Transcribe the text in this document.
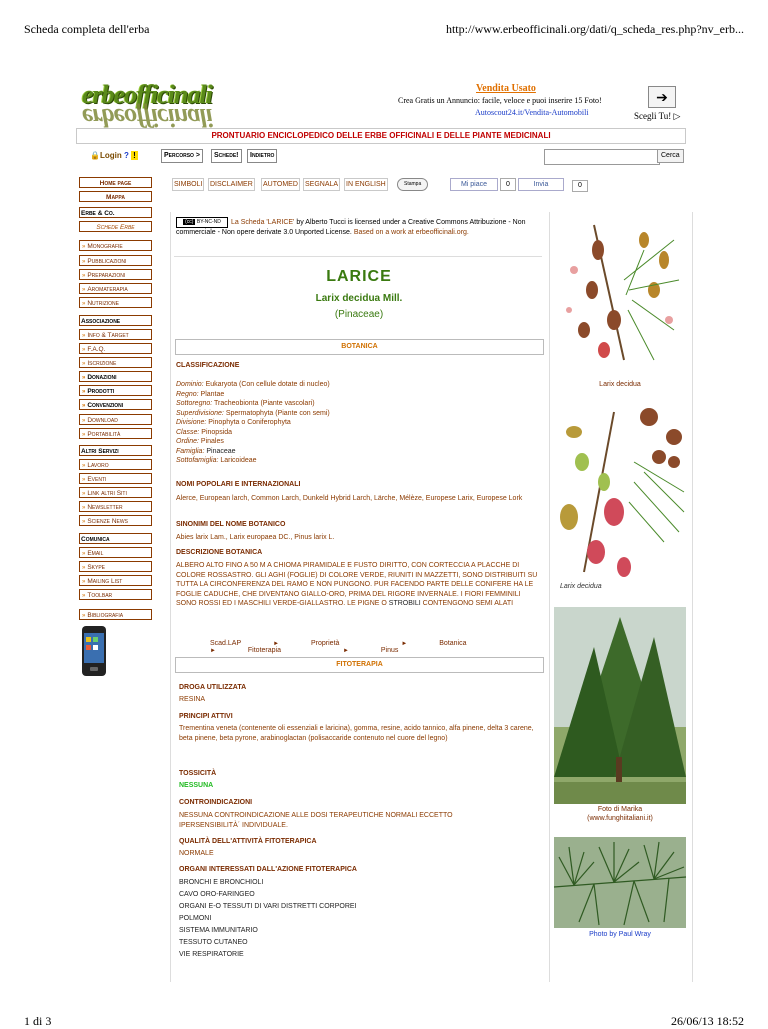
Scheda completa dell'erba	http://www.erbeofficinali.org/dati/q_scheda_res.php?nv_erb...
erbeofficinali
erbeofficinali
Vendita Usato
Crea Gratis un Annuncio: facile, veloce e puoi inserire 15 Foto!
Autoscout24.it/Vendita-Automobili
➔
Scegli Tu! ▷
PRONTUARIO ENCICLOPEDICO DELLE ERBE OFFICINALI E DELLE PIANTE MEDICINALI
🔒Login ? !	Percorso >	Schede!	Indietro	Cerca
Home page
Mappa
Erbe & Co.
Schede Erbe
» Monografie
» Pubblicazioni
» Preparazioni
» Aromaterapia
» Nutrizione
Associazione
» Info & Target
» F.A.Q.
» Iscrizione
» Donazioni
» Prodotti
» Convenzioni
» Download
» Portabilità
Altri Servizi
» Lavoro
» Eventi
» Link altri Siti
» Newsletter
» Scienze News
Comunica
» Email
» Skype
» Mailing List
» Toolbar
» Bibliografia
SIMBOLI DISCLAIMER AUTOMED SEGNALA IN ENGLISH	Stampa	Mi piace	0	Invia	0
(cc) BY-NC-ND	La Scheda 'LARICE' by Alberto Tucci is licensed under a Creative Commons Attribuzione - Non commerciale - Non opere derivate 3.0 Unported License. Based on a work at erbeofficinali.org.
LARICE
Larix decidua Mill.
(Pinaceae)
BOTANICA
CLASSIFICAZIONE
Dominio: Eukaryota (Con cellule dotate di nucleo)
Regno: Plantae
Sottoregno: Tracheobionta (Piante vascolari)
Superdivisione: Spermatophyta (Piante con semi)
Divisione: Pinophyta o Coniferophyta
Classe: Pinopsida
Ordine: Pinales
Famiglia: Pinaceae
Sottofamiglia: Laricoideae
NOMI POPOLARI E INTERNAZIONALI
Alerce, European larch, Common Larch, Dunkeld Hybrid Larch, Lärche, Mélèze, Europese Larix, Europese Lork
SINONIMI DEL NOME BOTANICO
Abies larix Lam., Larix europaea DC., Pinus larix L.
DESCRIZIONE BOTANICA
ALBERO ALTO FINO A 50 M A CHIOMA PIRAMIDALE E FUSTO DIRITTO, CON CORTECCIA A PLACCHE DI COLORE ROSSASTRO. GLI AGHI (FOGLIE) DI COLORE VERDE, RIUNITI IN MAZZETTI, SONO DISTRIBUITI SU TUTTA LA CIRCONFERENZA DEL RAMO E NON PUNGONO. PUR FACENDO PARTE DELLE CONIFERE HA LE FOGLIE CADUCHE, CHE DIVENTANO GIALLO-ORO, PRIMA DEL RIGORE INVERNALE. I FIORI FEMMINILI SONO ROSSI ED I MASCHILI VERDE-GIALLASTRO. LE PIGNE O STROBILI CONTENGONO SEMI ALATI
Scad.LAP	►	Proprietà	►	Botanica ►	Fitoterapia	►	Pinus
FITOTERAPIA
DROGA UTILIZZATA
RESINA
PRINCIPI ATTIVI
Trementina veneta (contenente oli essenziali e laricina), gomma, resine, acido tannico, alfa pinene, delta 3 carene, beta pinene, beta pyrone, arabinoglactan (polisaccaride contenuto nel cuore del legno)
TOSSICITÀ
NESSUNA
CONTROINDICAZIONI
NESSUNA CONTROINDICAZIONE ALLE DOSI TERAPEUTICHE NORMALI ECCETTO IPERSENSIBILITÀ´ INDIVIDUALE.
QUALITÀ DELL'ATTIVITÀ FITOTERAPICA
NORMALE
ORGANI INTERESSATI DALL'AZIONE FITOTERAPICA
BRONCHI E BRONCHIOLI
CAVO ORO-FARINGEO
ORGANI E-O TESSUTI DI VARI DISTRETTI CORPOREI
POLMONI
SISTEMA IMMUNITARIO
TESSUTO CUTANEO
VIE RESPIRATORIE
Larix decidua
Larix decidua
Foto di Marika
(www.funghiitaliani.it)
Photo by Paul Wray
1 di 3	26/06/13 18:52
